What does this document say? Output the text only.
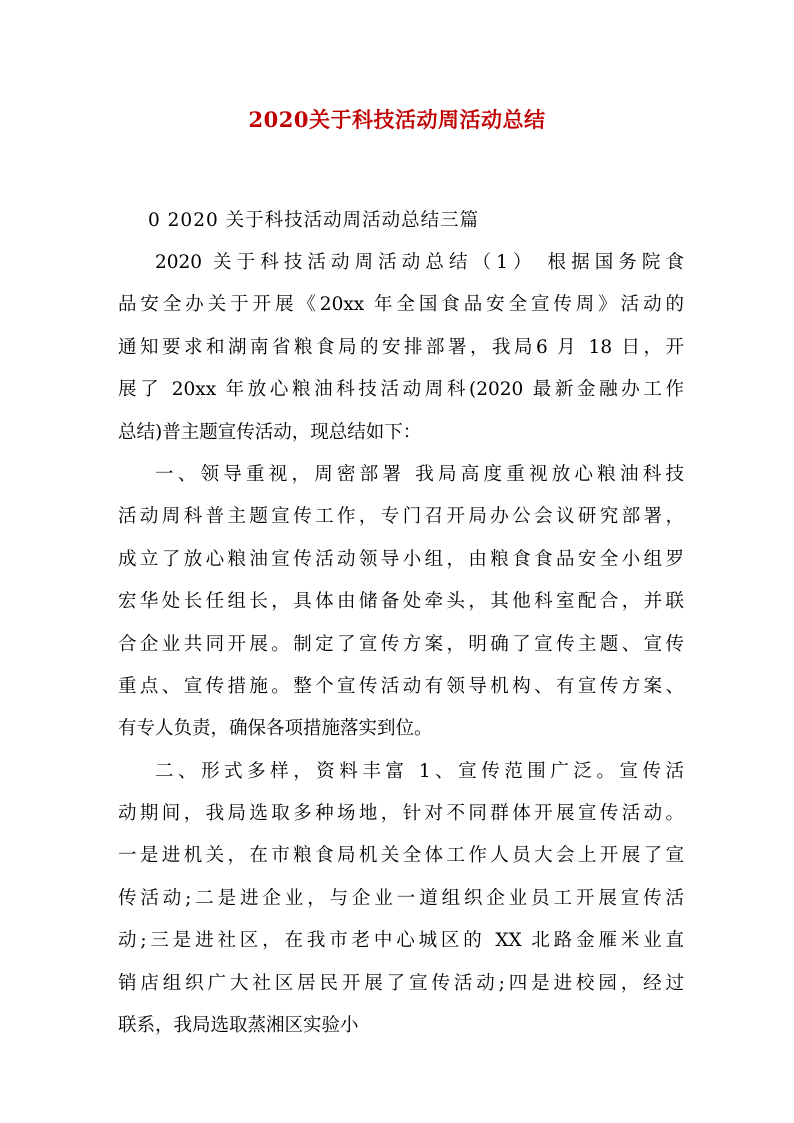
2020关于科技活动周活动总结
0 2020 关于科技活动周活动总结三篇
2020 关于科技活动周活动总结（1） 根据国务院食
品安全办关于开展《20xx 年全国食品安全宣传周》活动的
通知要求和湖南省粮食局的安排部署，我局6 月 18 日，开
展了 20xx 年放心粮油科技活动周科(2020 最新金融办工作
总结)普主题宣传活动，现总结如下：
一、领导重视，周密部署 我局高度重视放心粮油科技
活动周科普主题宣传工作，专门召开局办公会议研究部署，
成立了放心粮油宣传活动领导小组，由粮食食品安全小组罗
宏华处长任组长，具体由储备处牵头，其他科室配合，并联
合企业共同开展。制定了宣传方案，明确了宣传主题、宣传
重点、宣传措施。整个宣传活动有领导机构、有宣传方案、
有专人负责，确保各项措施落实到位。
二、形式多样，资料丰富 1、宣传范围广泛。宣传活
动期间，我局选取多种场地，针对不同群体开展宣传活动。
一是进机关，在市粮食局机关全体工作人员大会上开展了宣
传活动;二是进企业，与企业一道组织企业员工开展宣传活
动;三是进社区，在我市老中心城区的 XX 北路金雁米业直
销店组织广大社区居民开展了宣传活动;四是进校园，经过
联系，我局选取蒸湘区实验小
